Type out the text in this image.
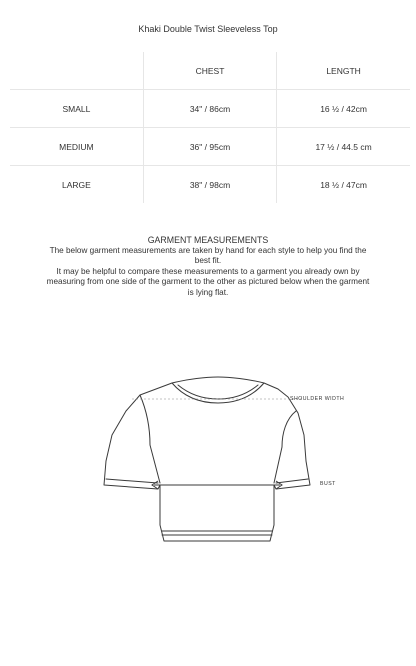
Khaki Double Twist Sleeveless Top
	CHEST	LENGTH
SMALL	34" / 86cm	16 ½ / 42cm
MEDIUM	36" / 95cm	17 ½ / 44.5 cm
LARGE	38" / 98cm	18 ½ / 47cm
GARMENT MEASUREMENTS
The below garment measurements are taken by hand for each style to help you find the best fit.
It may be helpful to compare these measurements to a garment you already own by measuring from one side of the garment to the other as pictured below when the garment is lying flat.
SHOULDER WIDTH
BUST
